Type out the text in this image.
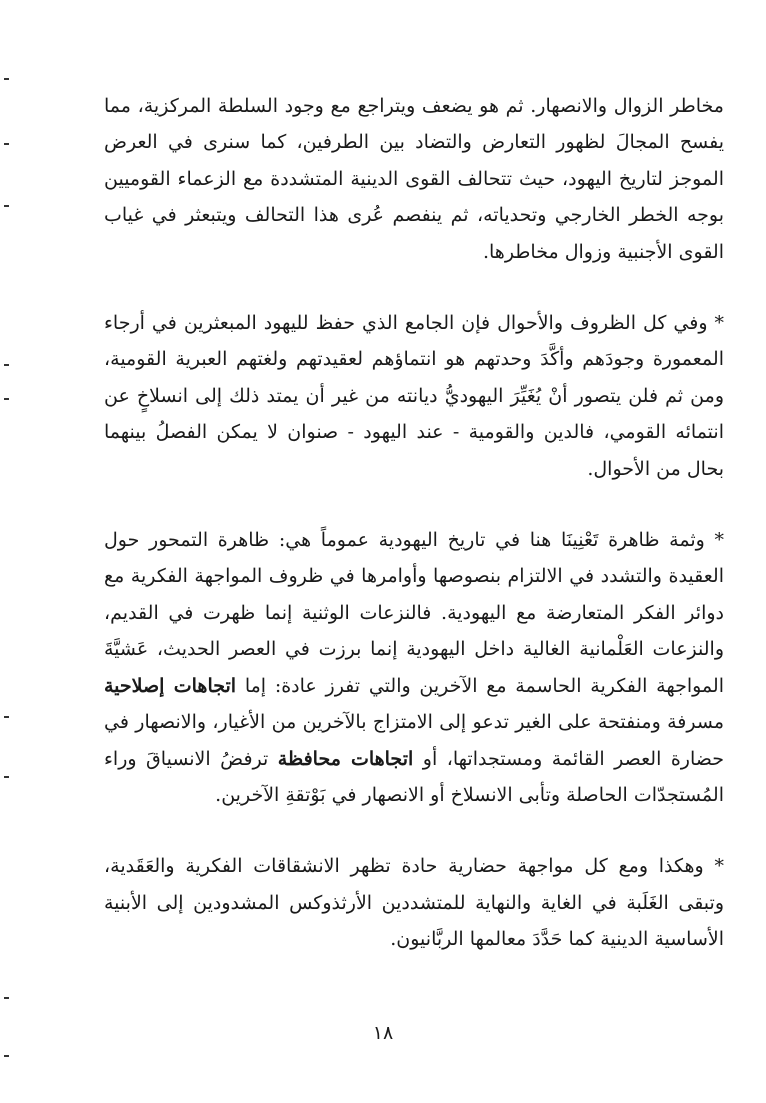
مخاطر الزوال والانصهار. ثم هو يضعف ويتراجع مع وجود السلطة المركزية، مما يفسح المجالَ لظهور التعارض والتضاد بين الطرفين، كما سنرى في العرض الموجز لتاريخ اليهود، حيث تتحالف القوى الدينية المتشددة مع الزعماء القوميين بوجه الخطر الخارجي وتحدياته، ثم ينفصم عُرى هذا التحالف ويتبعثر في غياب القوى الأجنبية وزوال مخاطرها.

* وفي كل الظروف والأحوال فإن الجامع الذي حفظ لليهود المبعثرين في أرجاء المعمورة وجودَهم وأكَّدَ وحدتهم هو انتماؤهم لعقيدتهم ولغتهم العبرية القومية، ومن ثم فلن يتصور أنْ يُغَيِّرَ اليهوديُّ ديانته من غير أن يمتد ذلك إلى انسلاخٍ عن انتمائه القومي، فالدين والقومية - عند اليهود - صنوان لا يمكن الفصلُ بينهما بحال من الأحوال.

* وثمة ظاهرة تَعْنِينَا هنا في تاريخ اليهودية عموماً هي: ظاهرة التمحور حول العقيدة والتشدد في الالتزام بنصوصها وأوامرها في ظروف المواجهة الفكرية مع دوائر الفكر المتعارضة مع اليهودية. فالنزعات الوثنية إنما ظهرت في القديم، والنزعات العَلْمانية الغالية داخل اليهودية إنما برزت في العصر الحديث، عَشيَّةَ المواجهة الفكرية الحاسمة مع الآخرين والتي تفرز عادة: إما اتجاهات إصلاحية مسرفة ومنفتحة على الغير تدعو إلى الامتزاج بالآخرين من الأغيار، والانصهار في حضارة العصر القائمة ومستجداتها، أو اتجاهات محافظة ترفضُ الانسياقَ وراء المُستجدّات الحاصلة وتأبى الانسلاخ أو الانصهار في بَوْتقةِ الآخرين.

* وهكذا ومع كل مواجهة حضارية حادة تظهر الانشقاقات الفكرية والعَقَدية، وتبقى الغَلَبة في الغاية والنهاية للمتشددين الأرثذوكس المشدودين إلى الأبنية الأساسية الدينية كما حَدَّدَ معالمها الربَّانيون.

١٨
